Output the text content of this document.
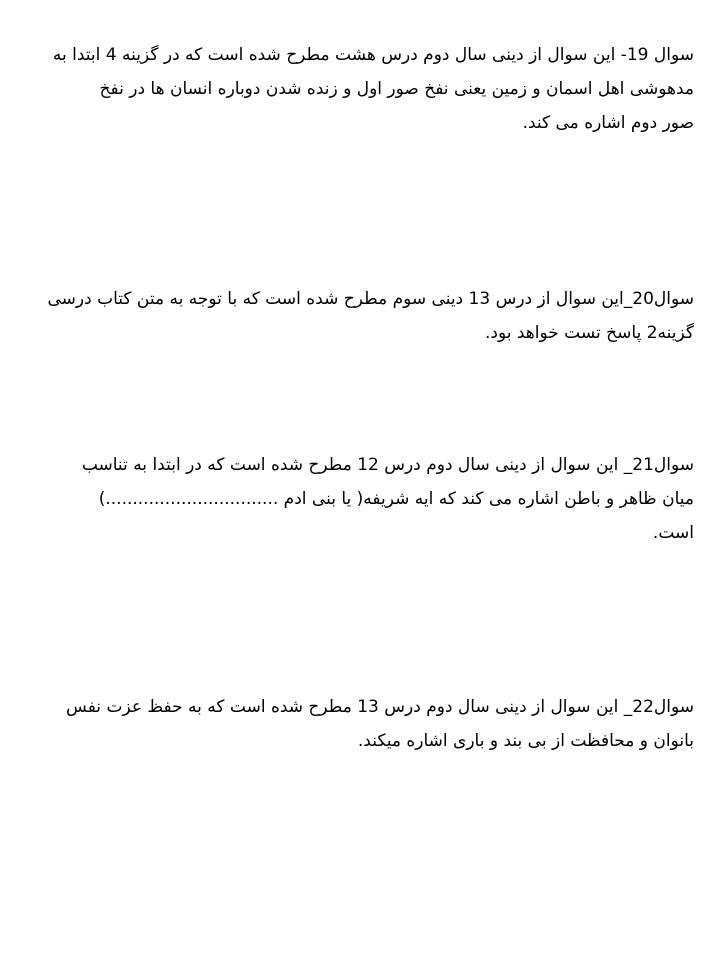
سوال 19- این سوال از دینی سال دوم درس هشت مطرح شده است که در گزینه 4 ابتدا به
مدهوشی اهل اسمان و زمین یعنی نفخ صور اول و زنده شدن دوباره انسان ها در نفخ
صور دوم اشاره می کند.
سوال20_این سوال از درس 13 دینی سوم مطرح شده است که با توجه به متن کتاب درسی
گزینه2 پاسخ تست خواهد بود.
سوال21_ این سوال از دینی سال دوم درس 12 مطرح شده است که در ابتدا به تناسب
میان ظاهر و باطن اشاره می کند که ایه شریفه( یا بنی ادم ................................)
است.
سوال22_ این سوال از دینی سال دوم درس 13 مطرح شده است که به حفظ عزت نفس
بانوان و محافظت از بی بند و باری اشاره میکند.
